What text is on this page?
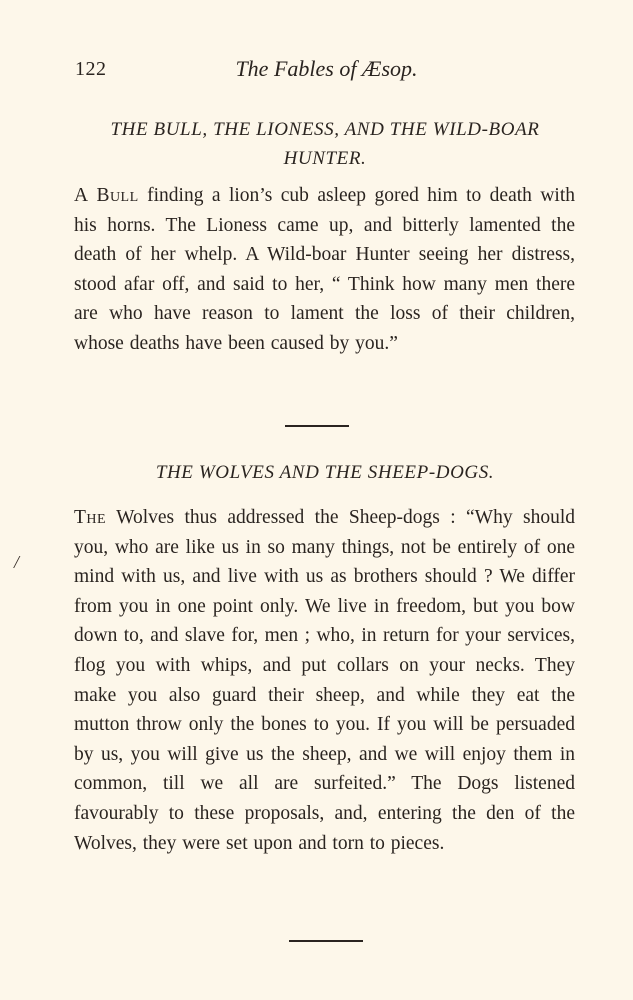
122	The Fables of Æsop.
THE BULL, THE LIONESS, AND THE WILD-BOAR HUNTER.
A Bull finding a lion’s cub asleep gored him to death with his horns. The Lioness came up, and bitterly lamented the death of her whelp. A Wild-boar Hunter seeing her distress, stood afar off, and said to her, “ Think how many men there are who have reason to lament the loss of their children, whose deaths have been caused by you.”
THE WOLVES AND THE SHEEP-DOGS.
The Wolves thus addressed the Sheep-dogs : “Why should you, who are like us in so many things, not be entirely of one mind with us, and live with us as brothers should ? We differ from you in one point only. We live in freedom, but you bow down to, and slave for, men ; who, in return for your services, flog you with whips, and put collars on your necks. They make you also guard their sheep, and while they eat the mutton throw only the bones to you. If you will be persuaded by us, you will give us the sheep, and we will enjoy them in common, till we all are surfeited.” The Dogs listened favourably to these proposals, and, entering the den of the Wolves, they were set upon and torn to pieces.
/
